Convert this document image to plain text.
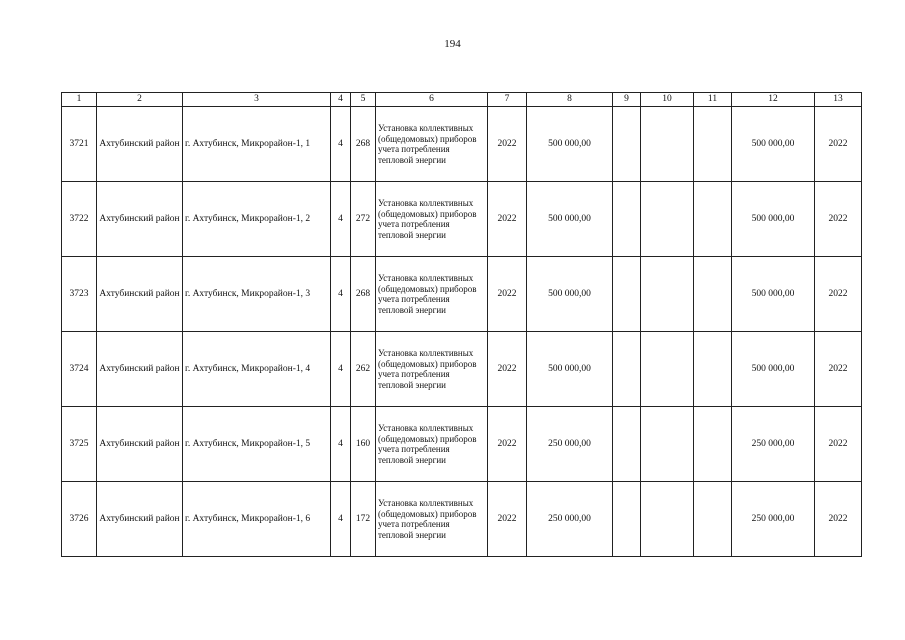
194
1	2	3	4	5	6	7	8	9	10	11	12	13
3721	Ахтубинский район	г. Ахтубинск, Микрорайон-1, 1	4	268	Установка коллективных (общедомовых) приборов учета потребления тепловой энергии	2022	500 000,00				500 000,00	2022
3722	Ахтубинский район	г. Ахтубинск, Микрорайон-1, 2	4	272	Установка коллективных (общедомовых) приборов учета потребления тепловой энергии	2022	500 000,00				500 000,00	2022
3723	Ахтубинский район	г. Ахтубинск, Микрорайон-1, 3	4	268	Установка коллективных (общедомовых) приборов учета потребления тепловой энергии	2022	500 000,00				500 000,00	2022
3724	Ахтубинский район	г. Ахтубинск, Микрорайон-1, 4	4	262	Установка коллективных (общедомовых) приборов учета потребления тепловой энергии	2022	500 000,00				500 000,00	2022
3725	Ахтубинский район	г. Ахтубинск, Микрорайон-1, 5	4	160	Установка коллективных (общедомовых) приборов учета потребления тепловой энергии	2022	250 000,00				250 000,00	2022
3726	Ахтубинский район	г. Ахтубинск, Микрорайон-1, 6	4	172	Установка коллективных (общедомовых) приборов учета потребления тепловой энергии	2022	250 000,00				250 000,00	2022
